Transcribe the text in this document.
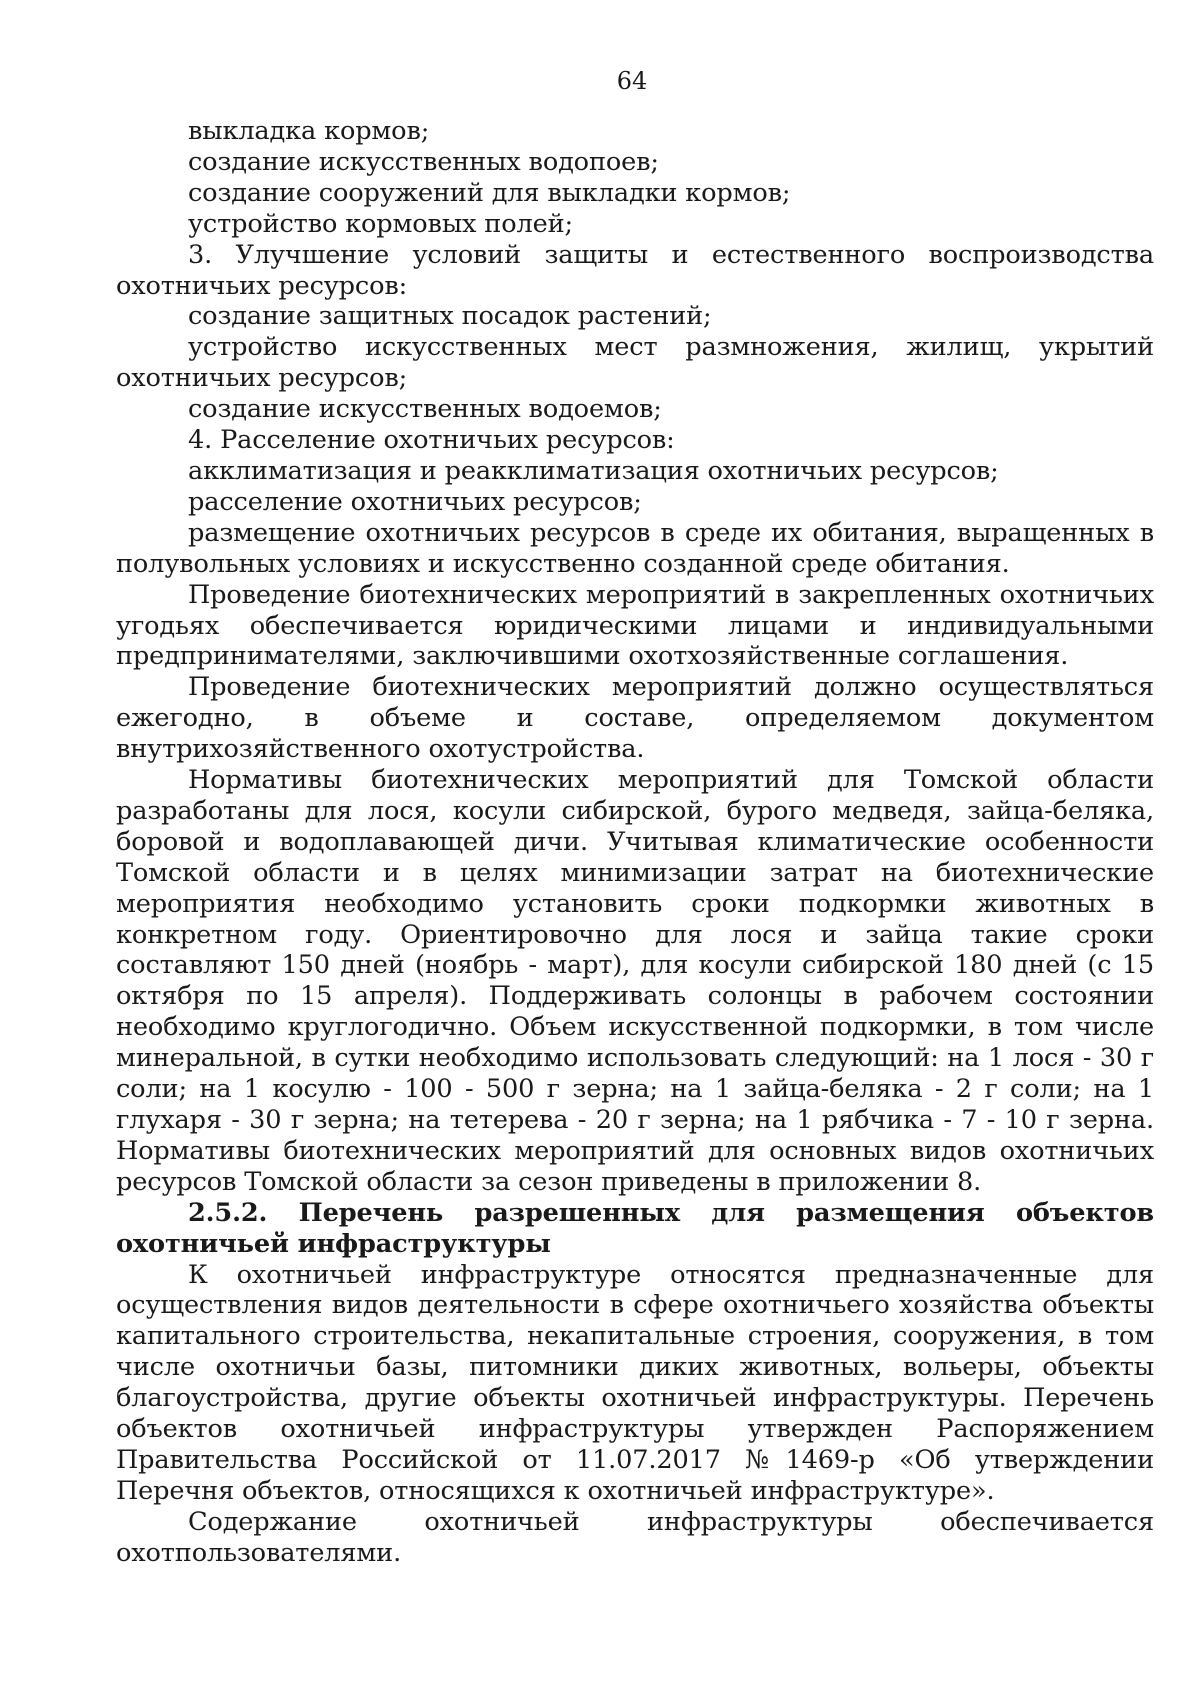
64

выкладка кормов;

создание искусственных водопоев;

создание сооружений для выкладки кормов;

устройство кормовых полей;

3. Улучшение условий защиты и естественного воспроизводства охотничьих ресурсов:

создание защитных посадок растений;

устройство искусственных мест размножения, жилищ, укрытий охотничьих ресурсов;

создание искусственных водоемов;

4. Расселение охотничьих ресурсов:

акклиматизация и реакклиматизация охотничьих ресурсов;

расселение охотничьих ресурсов;

размещение охотничьих ресурсов в среде их обитания, выращенных в полувольных условиях и искусственно созданной среде обитания.

Проведение биотехнических мероприятий в закрепленных охотничьих угодьях обеспечивается юридическими лицами и индивидуальными предпринимателями, заключившими охотхозяйственные соглашения.

Проведение биотехнических мероприятий должно осуществляться ежегодно, в объеме и составе, определяемом документом внутрихозяйственного охотустройства.

Нормативы биотехнических мероприятий для Томской области разработаны для лося, косули сибирской, бурого медведя, зайца-беляка, боровой и водоплавающей дичи. Учитывая климатические особенности Томской области и в целях минимизации затрат на биотехнические мероприятия необходимо установить сроки подкормки животных в конкретном году. Ориентировочно для лося и зайца такие сроки составляют 150 дней (ноябрь - март), для косули сибирской 180 дней (с 15 октября по 15 апреля). Поддерживать солонцы в рабочем состоянии необходимо круглогодично. Объем искусственной подкормки, в том числе минеральной, в сутки необходимо использовать следующий: на 1 лося - 30 г соли; на 1 косулю - 100 - 500 г зерна; на 1 зайца-беляка - 2 г соли; на 1 глухаря - 30 г зерна; на тетерева - 20 г зерна; на 1 рябчика - 7 - 10 г зерна. Нормативы биотехнических мероприятий для основных видов охотничьих ресурсов Томской области за сезон приведены в приложении 8.

2.5.2. Перечень разрешенных для размещения объектов охотничьей инфраструктуры

К охотничьей инфраструктуре относятся предназначенные для осуществления видов деятельности в сфере охотничьего хозяйства объекты капитального строительства, некапитальные строения, сооружения, в том числе охотничьи базы, питомники диких животных, вольеры, объекты благоустройства, другие объекты охотничьей инфраструктуры. Перечень объектов охотничьей инфраструктуры утвержден Распоряжением Правительства Российской от 11.07.2017 №1469-р «Об утверждении Перечня объектов, относящихся к охотничьей инфраструктуре».

Содержание охотничьей инфраструктуры обеспечивается охотпользователями.
